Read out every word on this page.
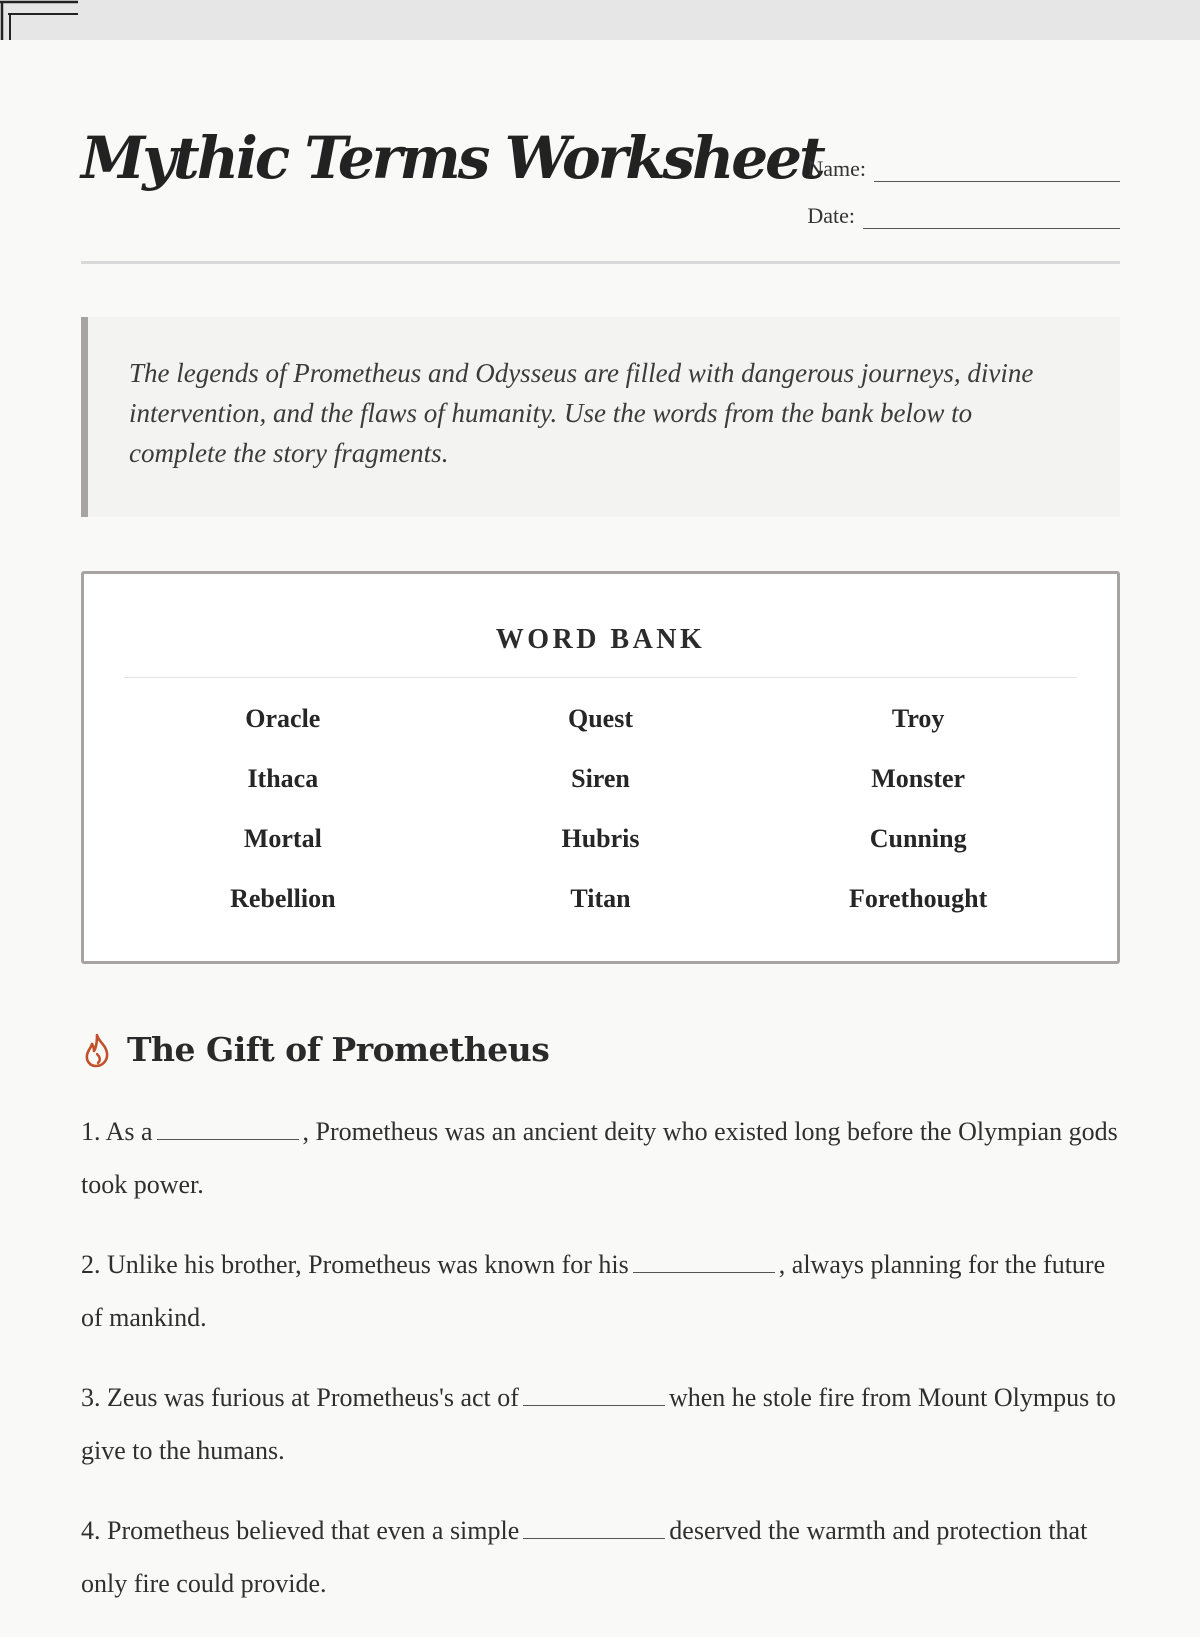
Mythic Terms Worksheet
Name:
Date:
The legends of Prometheus and Odysseus are filled with dangerous journeys, divine intervention, and the flaws of humanity. Use the words from the bank below to complete the story fragments.
WORD BANK
Oracle	Quest	Troy
Ithaca	Siren	Monster
Mortal	Hubris	Cunning
Rebellion	Titan	Forethought
The Gift of Prometheus

1. As a	, Prometheus was an ancient deity who existed long before the Olympian gods took power.

2. Unlike his brother, Prometheus was known for his	, always planning for the future of mankind.

3. Zeus was furious at Prometheus's act of	when he stole fire from Mount Olympus to give to the humans.

4. Prometheus believed that even a simple	deserved the warmth and protection that only fire could provide.
